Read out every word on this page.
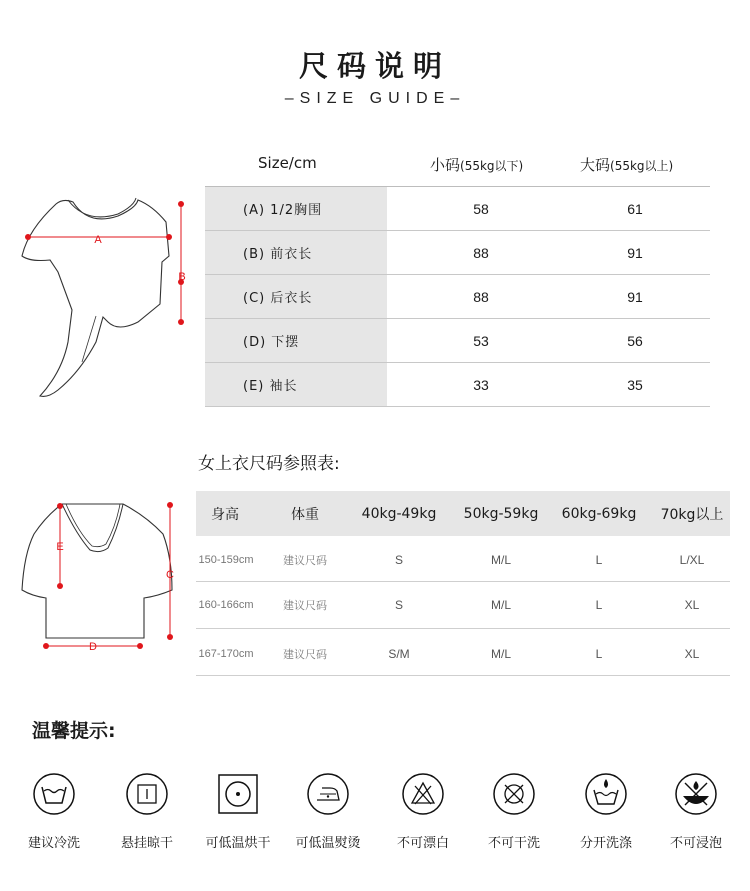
尺码说明
–SIZE GUIDE–
A
B
Size/cm	小码(55kg以下)	大码(55kg以上)
(A) 1/2胸围	58	61
(B) 前衣长	88	91
(C) 后衣长	88	91
(D) 下摆	53	56
(E) 袖长	33	35
女上衣尺码参照表:
C
E
D
身高	体重	40kg-49kg	50kg-59kg	60kg-69kg	70kg以上
150-159cm	建议尺码	S	M/L	L	L/XL
160-166cm	建议尺码	S	M/L	L	XL
167-170cm	建议尺码	S/M	M/L	L	XL
温馨提示:
建议冷洗	悬挂晾干	可低温烘干	可低温熨烫	不可漂白	不可干洗	分开洗涤	不可浸泡
